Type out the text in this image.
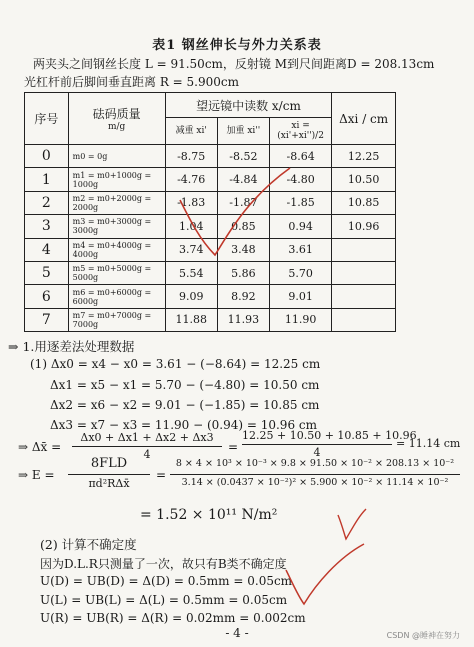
表1 钢丝伸长与外力关系表
两夹头之间钢丝长度 L = 91.50cm，反射镜 M到尺间距离D = 208.13cm
光杠杆前后脚间垂直距离 R = 5.900cm
序号	砝码质量
m/g	望远镜中读数 x/cm			Δxi / cm
		减重 xi'	加重 xi''	xi = (xi'+xi'')/2	
0	m0 = 0g	-8.75	-8.52	-8.64	12.25
1	m1 = m0+1000g = 1000g	-4.76	-4.84	-4.80	10.50
2	m2 = m0+2000g = 2000g	-1.83	-1.87	-1.85	10.85
3	m3 = m0+3000g = 3000g	1.04	0.85	0.94	10.96
4	m4 = m0+4000g = 4000g	3.74	3.48	3.61	
5	m5 = m0+5000g = 5000g	5.54	5.86	5.70	
6	m6 = m0+6000g = 6000g	9.09	8.92	9.01	
7	m7 = m0+7000g = 7000g	11.88	11.93	11.90	
⇒ 1.用逐差法处理数据
(1) Δx0 = x4 − x0 = 3.61 − (−8.64) = 12.25 cm
Δx1 = x5 − x1 = 5.70 − (−4.80) = 10.50 cm
Δx2 = x6 − x2 = 9.01 − (−1.85) = 10.85 cm
Δx3 = x7 − x3 = 11.90 − (0.94) = 10.96 cm
⇒ Δx̄ =
Δx0 + Δx1 + Δx2 + Δx3
4
=
12.25 + 10.50 + 10.85 + 10.96
4
= 11.14 cm
⇒ E =
8FLD
πd²RΔx̄
=
8 × 4 × 10³ × 10⁻³ × 9.8 × 91.50 × 10⁻² × 208.13 × 10⁻²
3.14 × (0.0437 × 10⁻²)² × 5.900 × 10⁻² × 11.14 × 10⁻²
= 1.52 × 10¹¹ N/m²
(2) 计算不确定度
因为D.L.R只测量了一次，故只有B类不确定度
U(D) = UB(D) = Δ(D) = 0.5mm = 0.05cm
U(L) = UB(L) = Δ(L) = 0.5mm = 0.05cm
U(R) = UB(R) = Δ(R) = 0.02mm = 0.002cm
- 4 -	CSDN @睡神在努力
